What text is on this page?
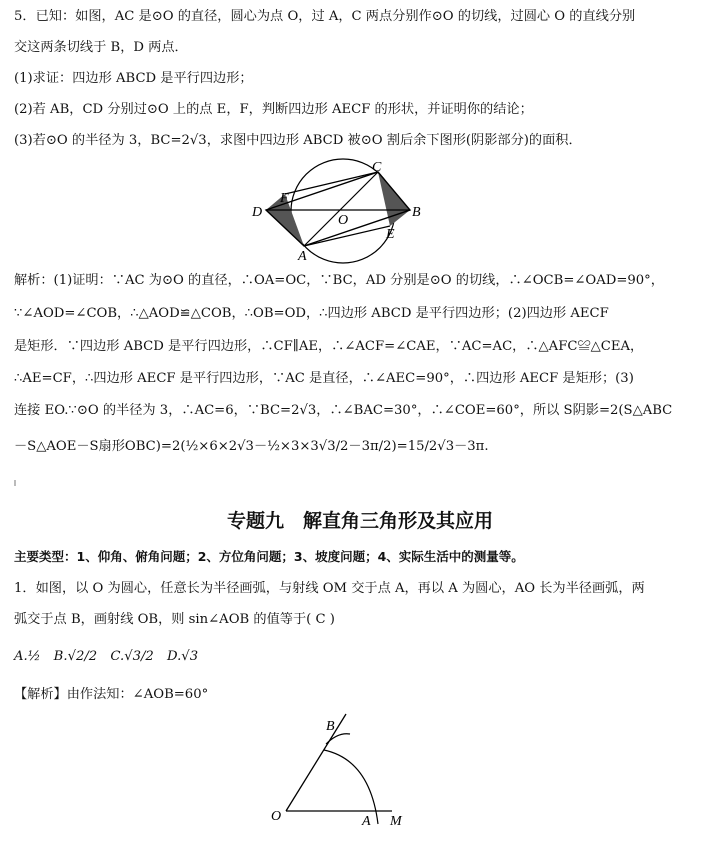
5．已知：如图，AC 是⊙O 的直径，圆心为点 O，过 A，C 两点分别作⊙O 的切线，过圆心 O 的直线分别
交这两条切线于 B，D 两点．
(1)求证：四边形 ABCD 是平行四边形；
(2)若 AB，CD 分别过⊙O 上的点 E，F，判断四边形 AECF 的形状，并证明你的结论；
(3)若⊙O 的半径为 3，BC=2√3，求图中四边形 ABCD 被⊙O 割后余下图形(阴影部分)的面积．
C
F
D
O
B
E
A
解析：(1)证明：∵AC 为⊙O 的直径，∴OA=OC，∵BC，AD 分别是⊙O 的切线，∴∠OCB=∠OAD=90°，
∵∠AOD=∠COB，∴△AOD≌△COB，∴OB=OD，∴四边形 ABCD 是平行四边形；(2)四边形 AECF
是矩形．∵四边形 ABCD 是平行四边形，∴CF∥AE，∴∠ACF=∠CAE，∵AC=AC，∴△AFC≌△CEA，
∴AE=CF，∴四边形 AECF 是平行四边形，∵AC 是直径，∴∠AEC=90°，∴四边形 AECF 是矩形；(3)
连接 EO.∵⊙O 的半径为 3，∴AC=6，∵BC=2√3，∴∠BAC=30°，∴∠COE=60°，所以 S阴影=2(S△ABC
－S△AOE－S扇形OBC)=2(½×6×2√3－½×3×3√3/2－3π/2)=15/2√3－3π.
专题九　解直角三角形及其应用
主要类型：1、仰角、俯角问题；2、方位角问题；3、坡度问题；4、实际生活中的测量等。
1．如图，以 O 为圆心，任意长为半径画弧，与射线 OM 交于点 A，再以 A 为圆心，AO 长为半径画弧，两
弧交于点 B，画射线 OB，则 sin∠AOB 的值等于( C )
A.½　B.√2/2　C.√3/2　D.√3
【解析】由作法知：∠AOB=60°
B
O	A M
